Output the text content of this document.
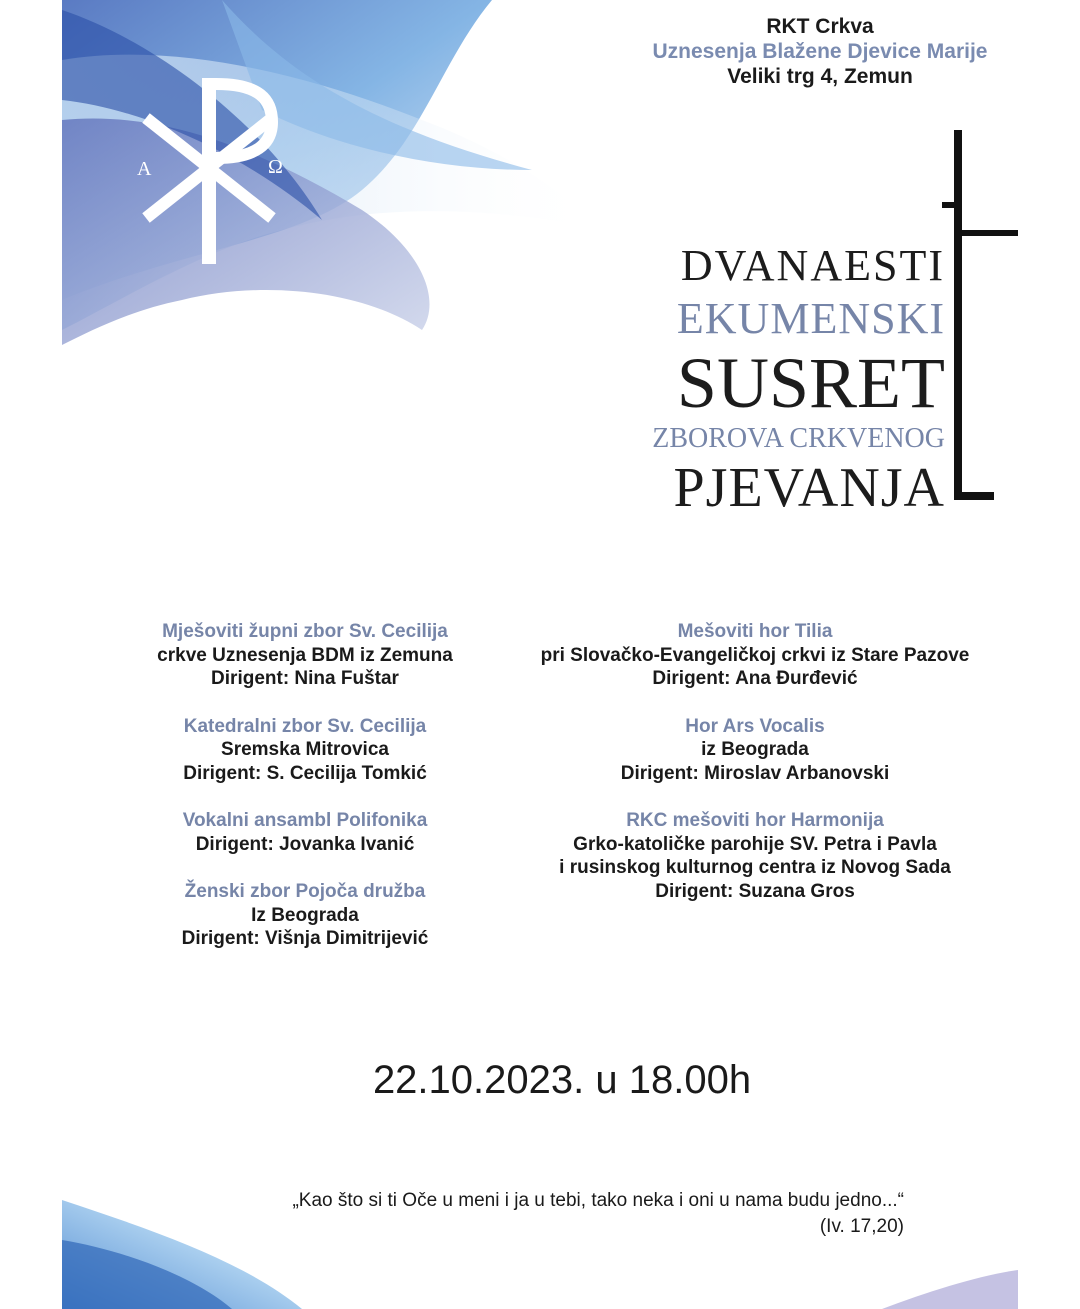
A	Ω
RKT Crkva
Uznesenja Blažene Djevice Marije
Veliki trg 4, Zemun
DVANAESTI
EKUMENSKI
SUSRET
ZBOROVA CRKVENOG
PJEVANJA
Mješoviti župni zbor Sv. Cecilija
crkve Uznesenja BDM iz Zemuna
Dirigent: Nina Fuštar
Katedralni zbor Sv. Cecilija
Sremska Mitrovica
Dirigent: S. Cecilija Tomkić
Vokalni ansambl Polifonika
Dirigent: Jovanka Ivanić
Ženski zbor Pojoča družba
Iz Beograda
Dirigent: Višnja Dimitrijević
Mešoviti hor Tilia
pri Slovačko-Evangeličkoj crkvi iz Stare Pazove
Dirigent: Ana Đurđević
Hor Ars Vocalis
iz Beograda
Dirigent: Miroslav Arbanovski
RKC mešoviti hor Harmonija
Grko-katoličke parohije SV. Petra i Pavla
i rusinskog kulturnog centra iz Novog Sada
Dirigent: Suzana Gros
22.10.2023. u 18.00h
„Kao što si ti Oče u meni i ja u tebi, tako neka i oni u nama budu jedno...“
(Iv. 17,20)
